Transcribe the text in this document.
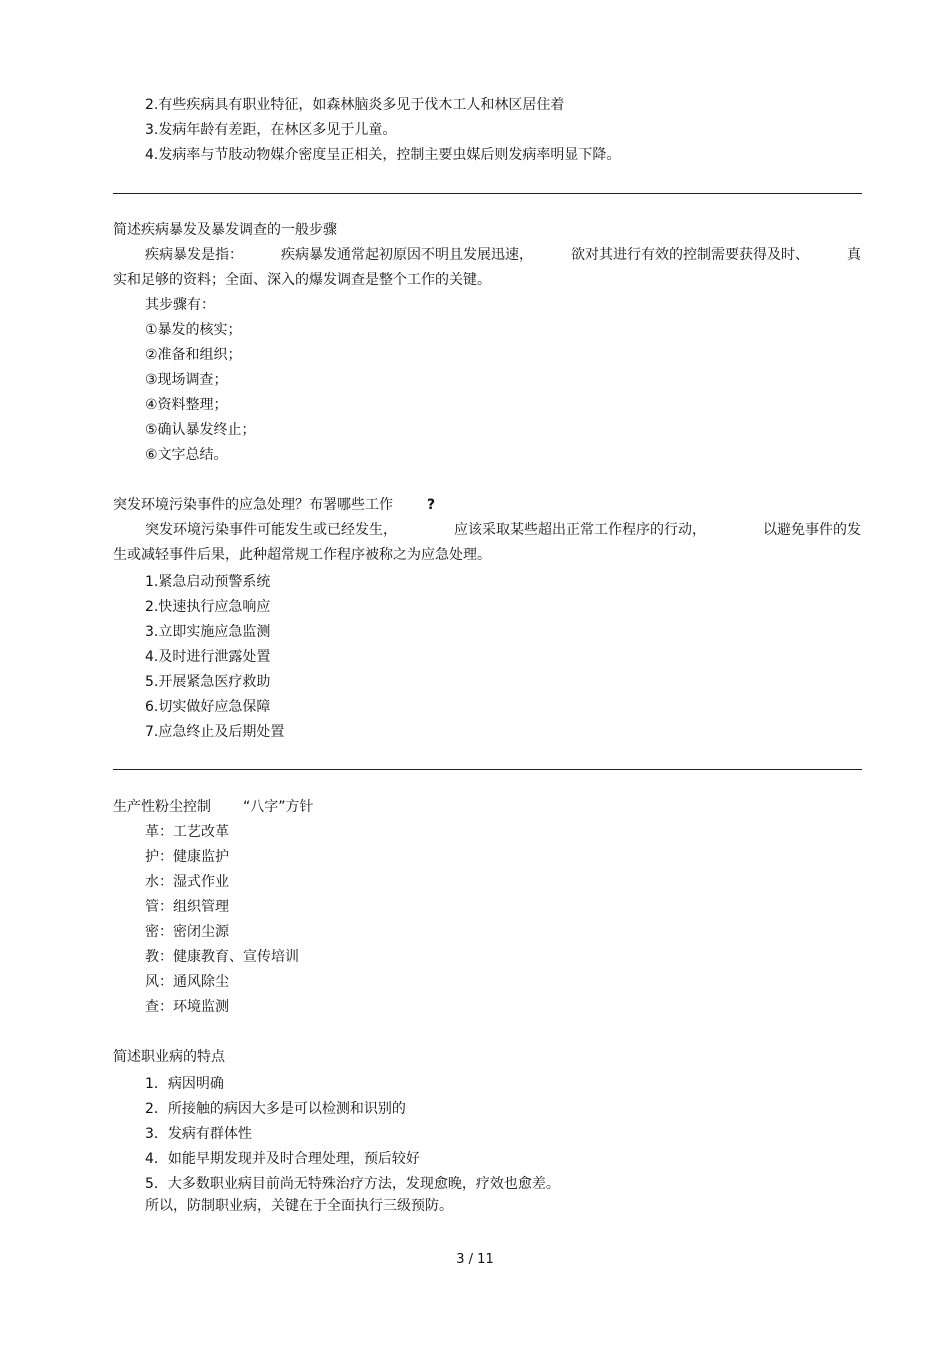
2.有些疾病具有职业特征，如森林脑炎多见于伐木工人和林区居住着
3.发病年龄有差距，在林区多见于儿童。
4.发病率与节肢动物媒介密度呈正相关，控制主要虫媒后则发病率明显下降。
简述疾病暴发及暴发调查的一般步骤
疾病暴发是指：	疾病暴发通常起初原因不明且发展迅速，	欲对其进行有效的控制需要获得及时、	真
实和足够的资料；全面、深入的爆发调查是整个工作的关键。
其步骤有：
①暴发的核实；
②准备和组织；
③现场调查；
④资料整理；
⑤确认暴发终止；
⑥文字总结。
突发环境污染事件的应急处理？布署哪些工作 ?
突发环境污染事件可能发生或已经发生，	应该采取某些超出正常工作程序的行动，	以避免事件的发
生或减轻事件后果，此种超常规工作程序被称之为应急处理。
1.紧急启动预警系统
2.快速执行应急响应
3.立即实施应急监测
4.及时进行泄露处置
5.开展紧急医疗救助
6.切实做好应急保障
7.应急终止及后期处置
生产性粉尘控制 “八字”方针
革：工艺改革
护：健康监护
水：湿式作业
管：组织管理
密：密闭尘源
教：健康教育、宣传培训
风：通风除尘
查：环境监测
简述职业病的特点
1．病因明确
2．所接触的病因大多是可以检测和识别的
3．发病有群体性
4．如能早期发现并及时合理处理，预后较好
5．大多数职业病目前尚无特殊治疗方法，发现愈晚，疗效也愈差。
所以，防制职业病，关键在于全面执行三级预防。
3 / 11
